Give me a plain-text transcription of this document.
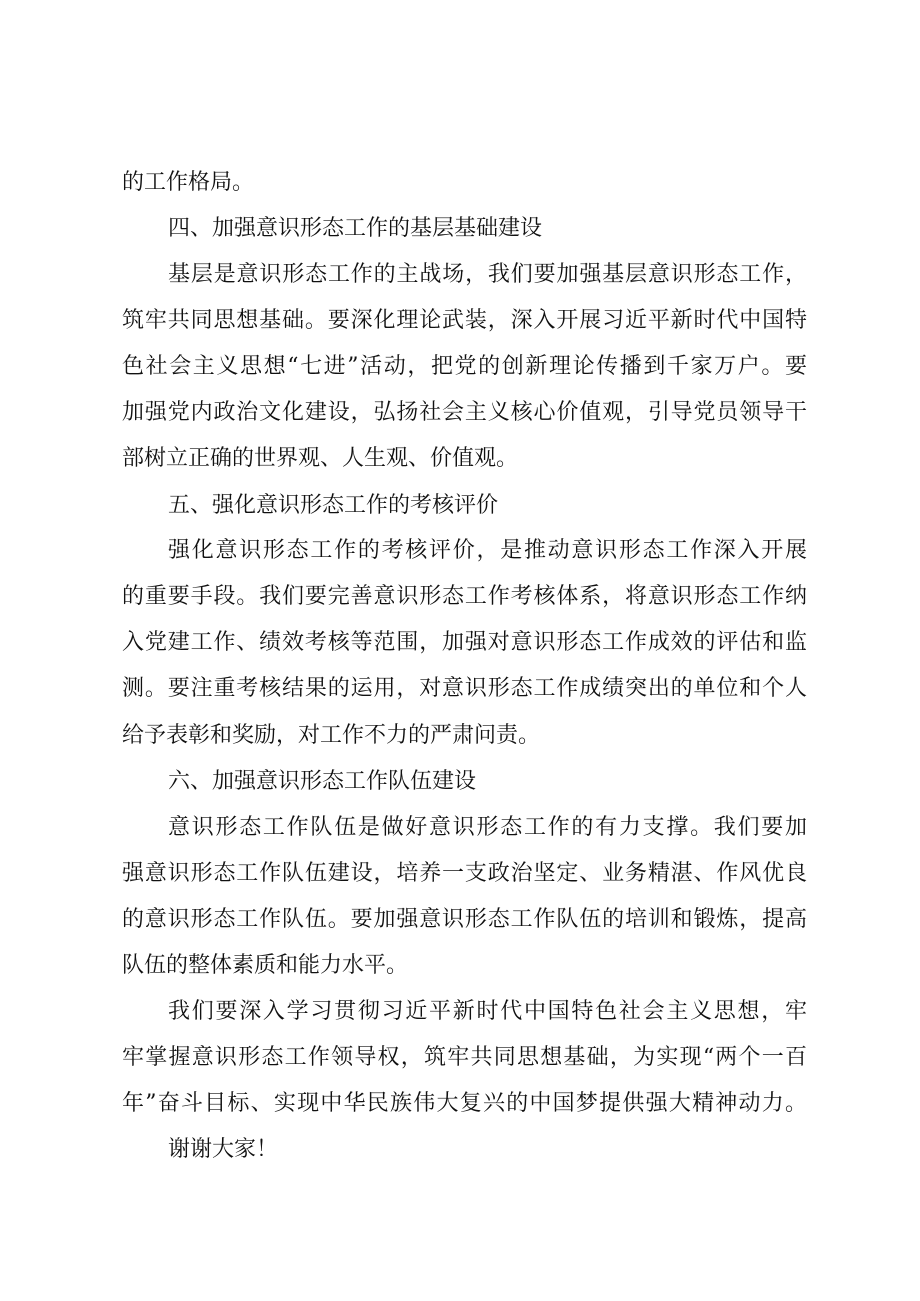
的工作格局。
四、加强意识形态工作的基层基础建设
基层是意识形态工作的主战场，我们要加强基层意识形态工作，
筑牢共同思想基础。要深化理论武装，深入开展习近平新时代中国特
色社会主义思想“七进”活动，把党的创新理论传播到千家万户。要
加强党内政治文化建设，弘扬社会主义核心价值观，引导党员领导干
部树立正确的世界观、人生观、价值观。
五、强化意识形态工作的考核评价
强化意识形态工作的考核评价，是推动意识形态工作深入开展
的重要手段。我们要完善意识形态工作考核体系，将意识形态工作纳
入党建工作、绩效考核等范围，加强对意识形态工作成效的评估和监
测。要注重考核结果的运用，对意识形态工作成绩突出的单位和个人
给予表彰和奖励，对工作不力的严肃问责。
六、加强意识形态工作队伍建设
意识形态工作队伍是做好意识形态工作的有力支撑。我们要加
强意识形态工作队伍建设，培养一支政治坚定、业务精湛、作风优良
的意识形态工作队伍。要加强意识形态工作队伍的培训和锻炼，提高
队伍的整体素质和能力水平。
我们要深入学习贯彻习近平新时代中国特色社会主义思想，牢
牢掌握意识形态工作领导权，筑牢共同思想基础，为实现“两个一百
年”奋斗目标、实现中华民族伟大复兴的中国梦提供强大精神动力。
谢谢大家！
